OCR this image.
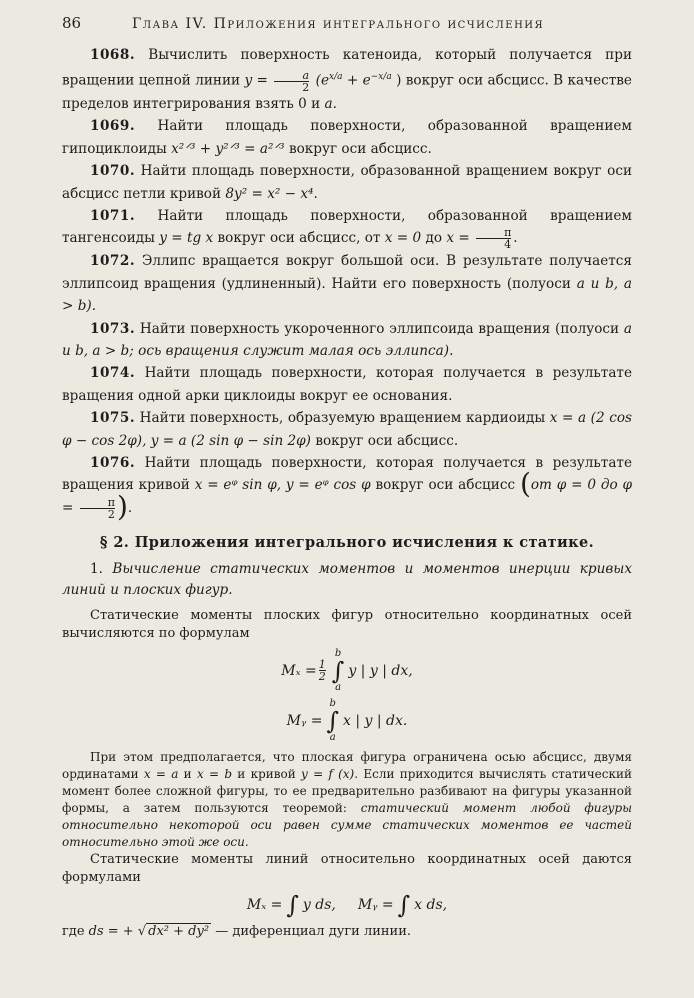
86	Глава IV. Приложения интегрального исчисления

1068. Вычислить поверхность катеноида, который получается при вращении цепной линии $y = \frac{a}{2} (e^{x/a} + e^{-x/a}$ ) вокруг оси абсцисс. В качестве пределов интегрирования взять 0 и a.

1069. Найти площадь поверхности, образованной вращением гипоциклоиды x²ᐟ³ + y²ᐟ³ = a²ᐟ³ вокруг оси абсцисс.

1070. Найти площадь поверхности, образованной вращением вокруг оси абсцисс петли кривой 8y² = x² − x⁴.

1071. Найти площадь поверхности, образованной вращением тангенсоиды y = tg x вокруг оси абсцисс, от x = 0 до $x = \frac{\pi}{4}$ .

1072. Эллипс вращается вокруг большой оси. В результате получается эллипсоид вращения (удлиненный). Найти его поверхность (полуоси a и b, a > b).

1073. Найти поверхность укороченного эллипсоида вращения (полуоси a и b, a > b; ось вращения служит малая ось эллипса).

1074. Найти площадь поверхности, которая получается в результате вращения одной арки циклоиды вокруг ее основания.

1075. Найти поверхность, образуемую вращением кардиоиды x = a (2 cos φ − cos 2φ), y = a (2 sin φ − sin 2φ) вокруг оси абсцисс.

1076. Найти площадь поверхности, которая получается в результате вращения кривой x = eᵠ sin φ, y = eᵠ cos φ вокруг оси абсцисс (от φ = 0 до $\varphi = \frac{\pi}{2}$ ).

§ 2. Приложения интегрального исчисления к статике.

1. Вычисление статических моментов и моментов инерции кривых линий и плоских фигур.

Статические моменты плоских фигур относительно координатных осей вычисляются по формулам

$M_x = \frac{1}{2}$
b
∫
a
y | y | dx,
Mᵧ =
b
∫
a
x | y | dx.

При этом предполагается, что плоская фигура ограничена осью абсцисс, двумя ординатами x = a и x = b и кривой y = f (x). Если приходится вычислять статический момент более сложной фигуры, то ее предварительно разбивают на фигуры указанной формы, а затем пользуются теоремой: статический момент любой фигуры относительно некоторой оси равен сумме статических моментов ее частей относительно этой же оси.

Статические моменты линий относительно координатных осей даются формулами

Mₓ = ∫ y ds, Mᵧ = ∫ x ds,

где ds = + √ dx² + dy² — диференциал дуги линии.
